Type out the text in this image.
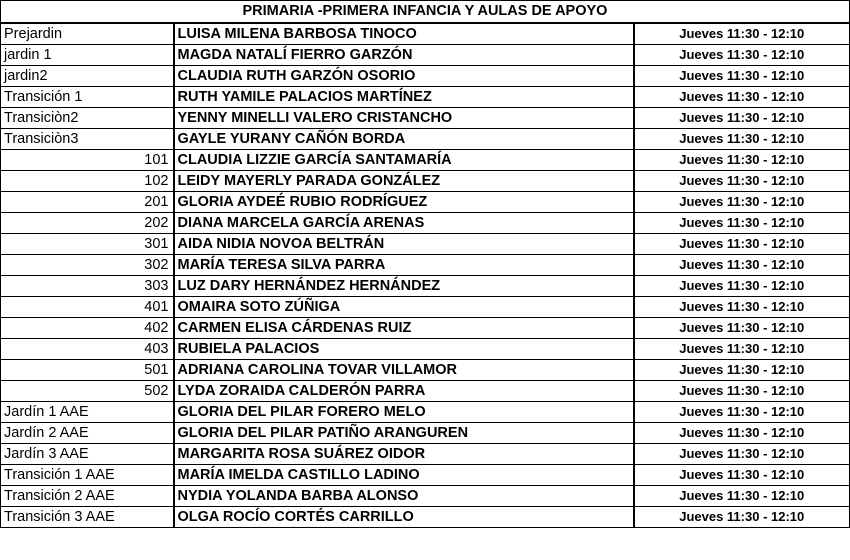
PRIMARIA -PRIMERA INFANCIA Y AULAS DE APOYO		
Prejardin	LUISA MILENA BARBOSA TINOCO	Jueves 11:30 - 12:10
jardin 1	MAGDA NATALÍ FIERRO GARZÓN	Jueves 11:30 - 12:10
jardin2	CLAUDIA RUTH GARZÓN OSORIO	Jueves 11:30 - 12:10
Transición 1	RUTH YAMILE PALACIOS MARTÍNEZ	Jueves 11:30 - 12:10
Transiciòn2	YENNY MINELLI VALERO CRISTANCHO	Jueves 11:30 - 12:10
Transiciòn3	GAYLE YURANY CAÑÓN BORDA	Jueves 11:30 - 12:10
101	CLAUDIA LIZZIE GARCÍA SANTAMARÍA	Jueves 11:30 - 12:10
102	LEIDY MAYERLY PARADA GONZÁLEZ	Jueves 11:30 - 12:10
201	GLORIA AYDEÉ RUBIO RODRÍGUEZ	Jueves 11:30 - 12:10
202	DIANA MARCELA GARCÍA ARENAS	Jueves 11:30 - 12:10
301	AIDA NIDIA NOVOA BELTRÁN	Jueves 11:30 - 12:10
302	MARÍA TERESA SILVA PARRA	Jueves 11:30 - 12:10
303	LUZ DARY HERNÁNDEZ HERNÁNDEZ	Jueves 11:30 - 12:10
401	OMAIRA SOTO ZÚÑIGA	Jueves 11:30 - 12:10
402	CARMEN ELISA CÁRDENAS RUIZ	Jueves 11:30 - 12:10
403	RUBIELA PALACIOS	Jueves 11:30 - 12:10
501	ADRIANA CAROLINA TOVAR VILLAMOR	Jueves 11:30 - 12:10
502	LYDA ZORAIDA CALDERÓN PARRA	Jueves 11:30 - 12:10
Jardín 1 AAE	GLORIA DEL PILAR FORERO MELO	Jueves 11:30 - 12:10
Jardín 2 AAE	GLORIA DEL PILAR PATIÑO ARANGUREN	Jueves 11:30 - 12:10
Jardín 3 AAE	MARGARITA ROSA SUÁREZ OIDOR	Jueves 11:30 - 12:10
Transición 1 AAE	MARÍA IMELDA CASTILLO LADINO	Jueves 11:30 - 12:10
Transición 2 AAE	NYDIA YOLANDA BARBA ALONSO	Jueves 11:30 - 12:10
Transición 3 AAE	OLGA ROCÍO CORTÉS CARRILLO	Jueves 11:30 - 12:10
